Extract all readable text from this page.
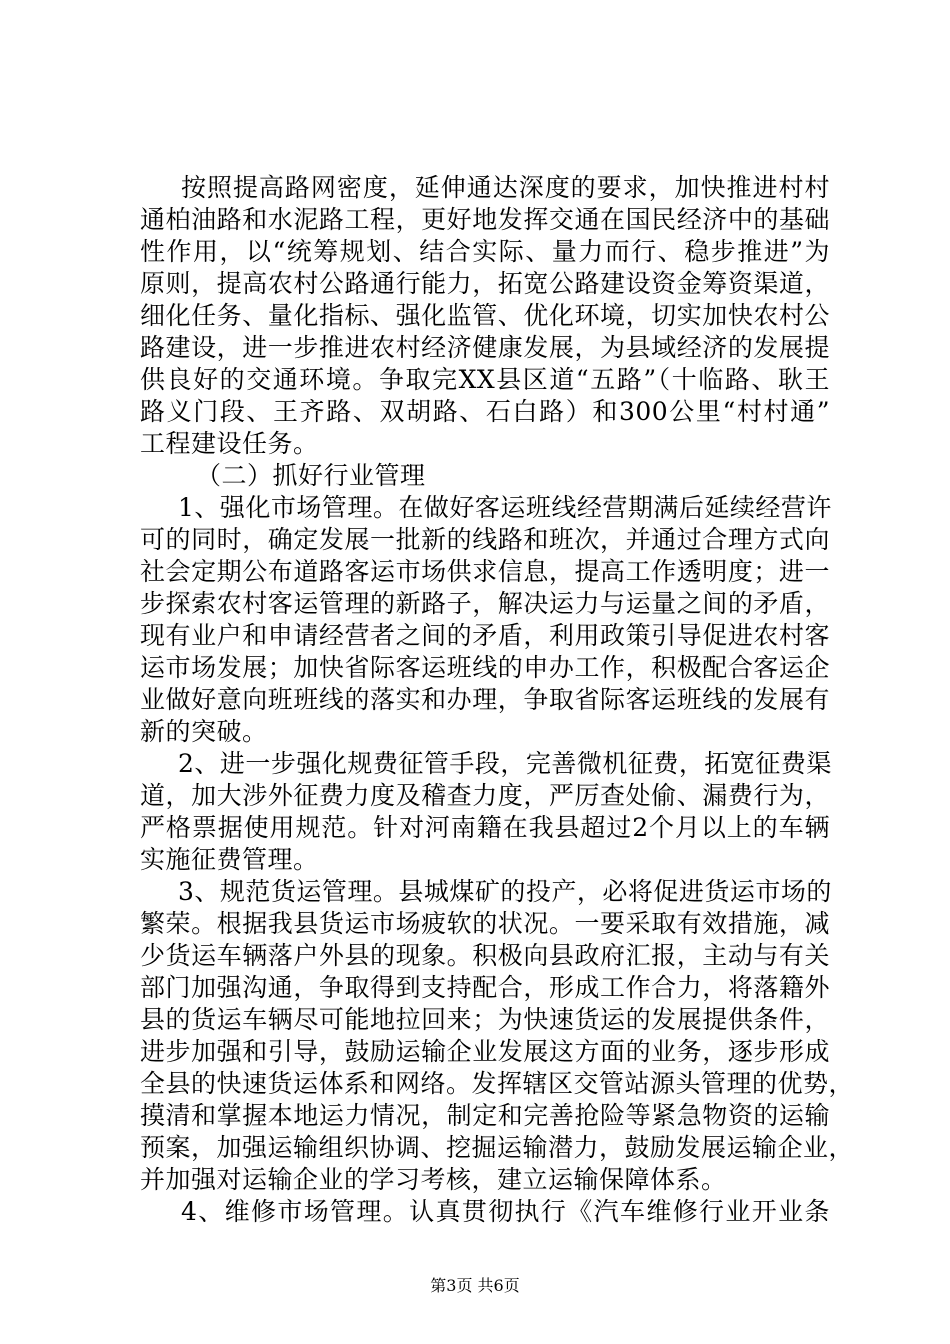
按照提高路网密度，延伸通达深度的要求，加快推进村村
通柏油路和水泥路工程，更好地发挥交通在国民经济中的基础
性作用，以“统筹规划、结合实际、量力而行、稳步推进”为
原则，提高农村公路通行能力，拓宽公路建设资金筹资渠道，
细化任务、量化指标、强化监管、优化环境，切实加快农村公
路建设，进一步推进农村经济健康发展，为县域经济的发展提
供良好的交通环境。争取完XX县区道“五路”（十临路、耿王
路义门段、王齐路、双胡路、石白路）和300公里“村村通”
工程建设任务。
（二）抓好行业管理
1、强化市场管理。在做好客运班线经营期满后延续经营许
可的同时，确定发展一批新的线路和班次，并通过合理方式向
社会定期公布道路客运市场供求信息，提高工作透明度；进一
步探索农村客运管理的新路子，解决运力与运量之间的矛盾，
现有业户和申请经营者之间的矛盾，利用政策引导促进农村客
运市场发展；加快省际客运班线的申办工作，积极配合客运企
业做好意向班班线的落实和办理，争取省际客运班线的发展有
新的突破。
2、进一步强化规费征管手段，完善微机征费，拓宽征费渠
道，加大涉外征费力度及稽查力度，严厉查处偷、漏费行为，
严格票据使用规范。针对河南籍在我县超过2个月以上的车辆
实施征费管理。
3、规范货运管理。县城煤矿的投产，必将促进货运市场的
繁荣。根据我县货运市场疲软的状况。一要采取有效措施，减
少货运车辆落户外县的现象。积极向县政府汇报，主动与有关
部门加强沟通，争取得到支持配合，形成工作合力，将落籍外
县的货运车辆尽可能地拉回来；为快速货运的发展提供条件，
进步加强和引导，鼓励运输企业发展这方面的业务，逐步形成
全县的快速货运体系和网络。发挥辖区交管站源头管理的优势，
摸清和掌握本地运力情况，制定和完善抢险等紧急物资的运输
预案，加强运输组织协调、挖掘运输潜力，鼓励发展运输企业，
并加强对运输企业的学习考核，建立运输保障体系。
4、维修市场管理。认真贯彻执行《汽车维修行业开业条
第3页 共6页
